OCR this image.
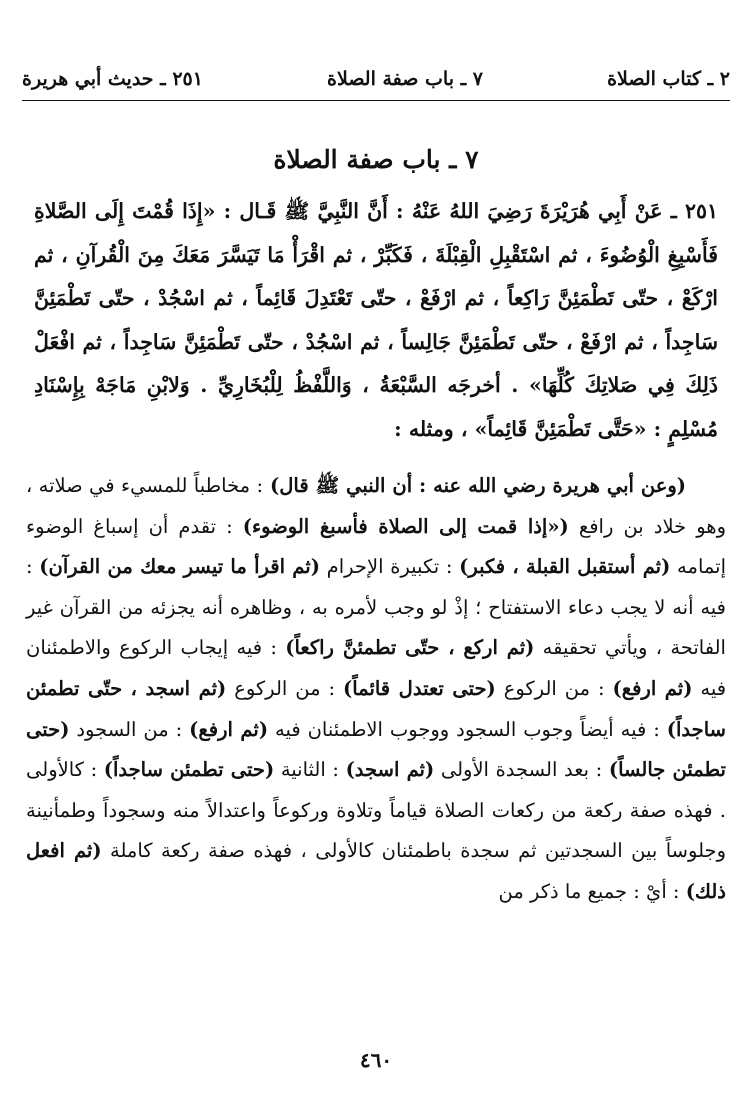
٢ ـ كتاب الصلاة
٧ ـ باب صفة الصلاة
٢٥١ ـ حديث أبي هريرة
٧ ـ باب صفة الصلاة
٢٥١ ـ عَنْ أَبِي هُرَيْرَةَ رَضِيَ اللهُ عَنْهُ : أَنَّ النَّبِيَّ ﷺ قَـال : «إِذَا قُمْتَ إِلَى الصَّلاةِ فَأَسْبِغِ الْوُضُوءَ ، ثم اسْتَقْبِلِ الْقِبْلَةَ ، فَكَبِّرْ ، ثم اقْرَأْ مَا تَيَسَّرَ مَعَكَ مِنَ الْقُرآنِ ، ثم ارْكَعْ ، حتّى تَطْمَئِنَّ رَاكِعاً ، ثم ارْفَعْ ، حتّى تَعْتَدِلَ قَائِماً ، ثم اسْجُدْ ، حتّى تَطْمَئِنَّ سَاجِداً ، ثم ارْفَعْ ، حتّى تَطْمَئِنَّ جَالِساً ، ثم اسْجُدْ ، حتّى تَطْمَئِنَّ سَاجِداً ، ثم افْعَلْ ذَلِكَ فِي صَلاتِكَ كُلِّهَا» . أخرجَه السَّبْعَةُ ، وَاللَّفْظُ لِلْبُخَارِيِّ . وَلابْنِ مَاجَهْ بِإِسْنَادِ مُسْلِمٍ : «حَتَّى تَطْمَئِنَّ قَائِماً» ، ومثله :

(وعن أبي هريرة رضي الله عنه : أن النبي ﷺ قال) : مخاطباً للمسيء في صلاته ، وهو خلاد بن رافع («إذا قمت إلى الصلاة فأسبغ الوضوء) : تقدم أن إسباغ الوضوء إتمامه (ثم أستقبل القبلة ، فكبر) : تكبيرة الإحرام (ثم اقرأ ما تيسر معك من القرآن) : فيه أنه لا يجب دعاء الاستفتاح ؛ إذْ لو وجب لأمره به ، وظاهره أنه يجزئه من القرآن غير الفاتحة ، ويأتي تحقيقه (ثم اركع ، حتّى تطمئنَّ راكعاً) : فيه إيجاب الركوع والاطمئنان فيه (ثم ارفع) : من الركوع (حتى تعتدل قائماً) : من الركوع (ثم اسجد ، حتّى تطمئن ساجداً) : فيه أيضاً وجوب السجود ووجوب الاطمئنان فيه (ثم ارفع) : من السجود (حتى تطمئن جالساً) : بعد السجدة الأولى (ثم اسجد) : الثانية (حتى تطمئن ساجداً) : كالأولى . فهذه صفة ركعة من ركعات الصلاة قياماً وتلاوة وركوعاً واعتدالاً منه وسجوداً وطمأنينة وجلوساً بين السجدتين ثم سجدة باطمئنان كالأولى ، فهذه صفة ركعة كاملة (ثم افعل ذلك) : أيْ : جميع ما ذكر من

٤٦٠
